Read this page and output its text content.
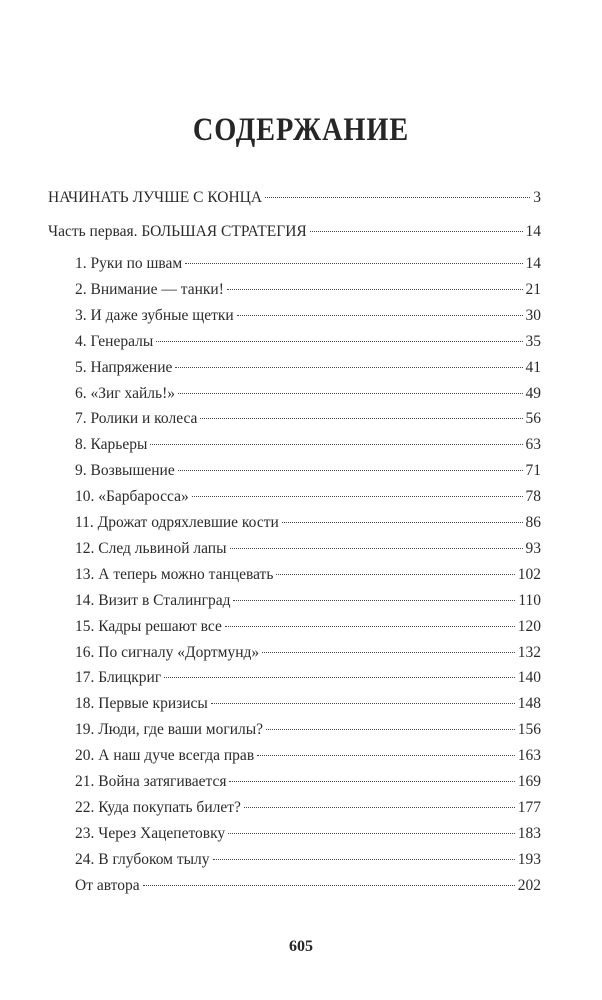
СОДЕРЖАНИЕ
НАЧИНАТЬ ЛУЧШЕ С КОНЦА	3
Часть первая. БОЛЬШАЯ СТРАТЕГИЯ	14
1. Руки по швам	14
2. Внимание — танки!	21
3. И даже зубные щетки	30
4. Генералы	35
5. Напряжение	41
6. «Зиг хайль!»	49
7. Ролики и колеса	56
8. Карьеры	63
9. Возвышение	71
10. «Барбаросса»	78
11. Дрожат одряхлевшие кости	86
12. След львиной лапы	93
13. А теперь можно танцевать	102
14. Визит в Сталинград	110
15. Кадры решают все	120
16. По сигналу «Дортмунд»	132
17. Блицкриг	140
18. Первые кризисы	148
19. Люди, где ваши могилы?	156
20. А наш дуче всегда прав	163
21. Война затягивается	169
22. Куда покупать билет?	177
23. Через Хацепетовку	183
24. В глубоком тылу	193
От автора	202
605
